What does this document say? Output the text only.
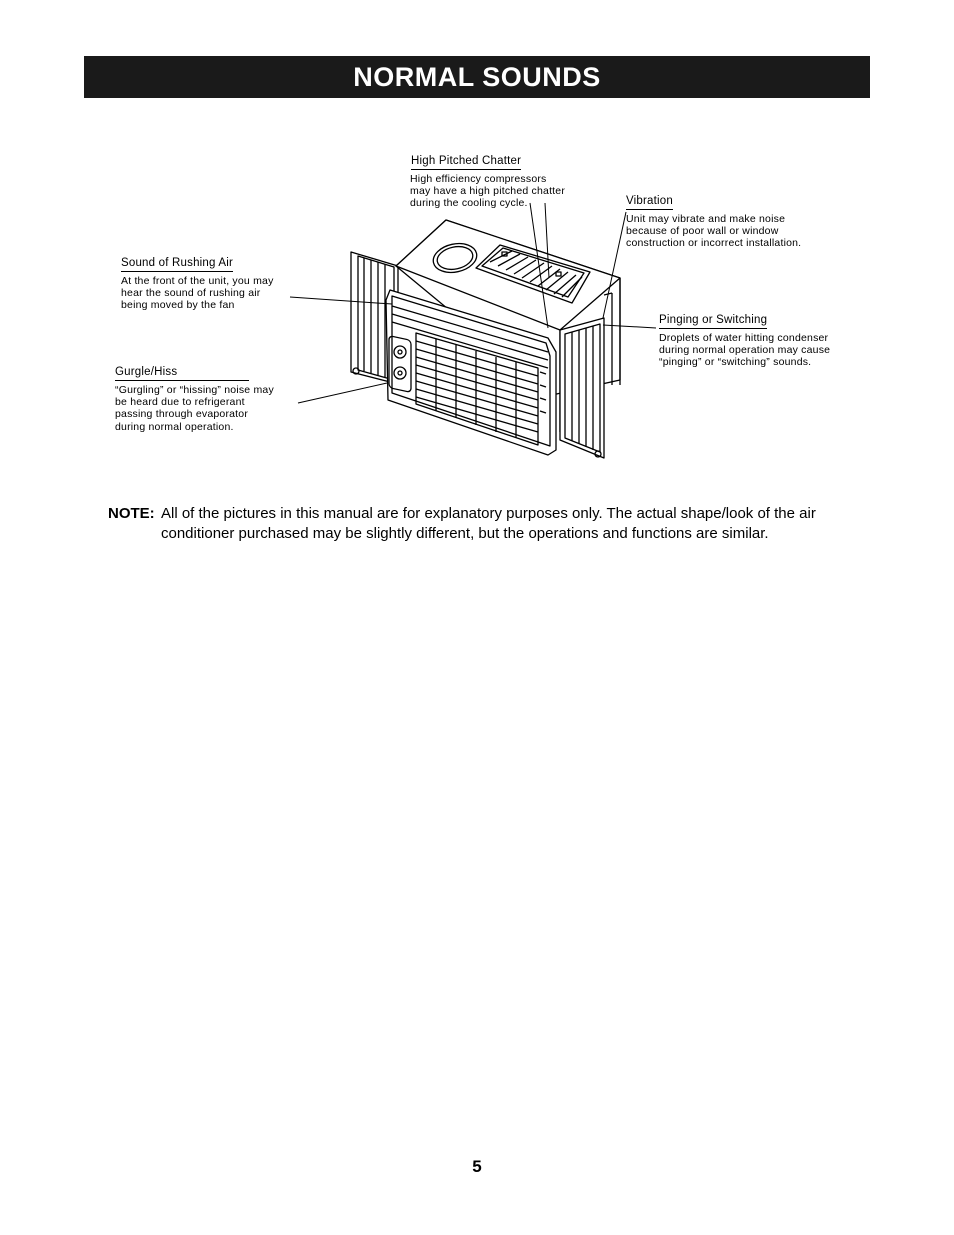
NORMAL SOUNDS
High Pitched Chatter
High efficiency compressors
may have a high pitched chatter
during the cooling cycle.	Vibration
Unit may vibrate and make noise
because of poor wall or window
construction or incorrect installation.
Sound of Rushing Air
At the front of the unit, you may
hear the sound of rushing air
being moved by the fan
Pinging or Switching
Droplets of water hitting condenser
during normal operation may cause
“pinging” or “switching” sounds.
Gurgle/Hiss
“Gurgling” or “hissing” noise may
be heard due to refrigerant
passing through evaporator
during normal operation.
NOTE: All of the pictures in this manual are for explanatory purposes only. The actual shape/look of the air conditioner purchased may be slightly different, but the operations and functions are similar.
5
